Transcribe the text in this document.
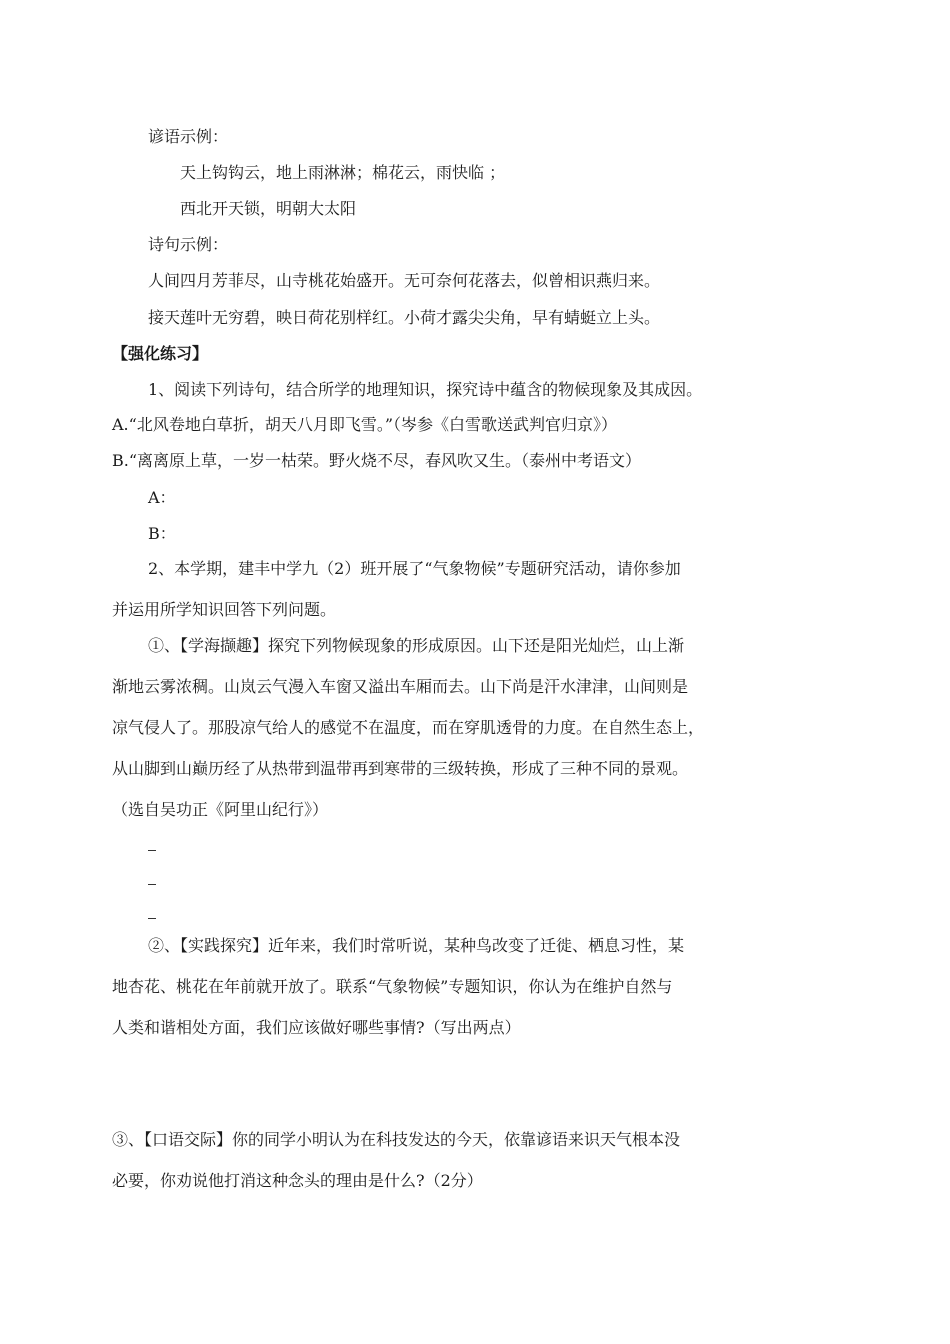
谚语示例：
天上钩钩云，地上雨淋淋；棉花云，雨快临 ；
西北开天锁，明朝大太阳
诗句示例：
人间四月芳菲尽，山寺桃花始盛开。无可奈何花落去，似曾相识燕归来。
接天莲叶无穷碧，映日荷花别样红。小荷才露尖尖角，早有蜻蜓立上头。
【强化练习】
1、阅读下列诗句，结合所学的地理知识，探究诗中蕴含的物候现象及其成因。
A.“北风卷地白草折，胡天八月即飞雪。”（岑参《白雪歌送武判官归京》）
B.“离离原上草，一岁一枯荣。野火烧不尽，春风吹又生。（泰州中考语文）
A：
B：
2、本学期，建丰中学九（2）班开展了“气象物候”专题研究活动，请你参加
并运用所学知识回答下列问题。
①、【学海撷趣】探究下列物候现象的形成原因。山下还是阳光灿烂，山上渐
渐地云雾浓稠。山岚云气漫入车窗又溢出车厢而去。山下尚是汗水津津，山间则是
凉气侵人了。那股凉气给人的感觉不在温度，而在穿肌透骨的力度。在自然生态上，
从山脚到山巅历经了从热带到温带再到寒带的三级转换，形成了三种不同的景观。
（选自吴功正《阿里山纪行》）
②、【实践探究】近年来，我们时常听说，某种鸟改变了迁徙、栖息习性，某
地杏花、桃花在年前就开放了。联系“气象物候”专题知识，你认为在维护自然与
人类和谐相处方面，我们应该做好哪些事情?（写出两点）
③、【口语交际】你的同学小明认为在科技发达的今天，依靠谚语来识天气根本没
必要，你劝说他打消这种念头的理由是什么?（2分）
